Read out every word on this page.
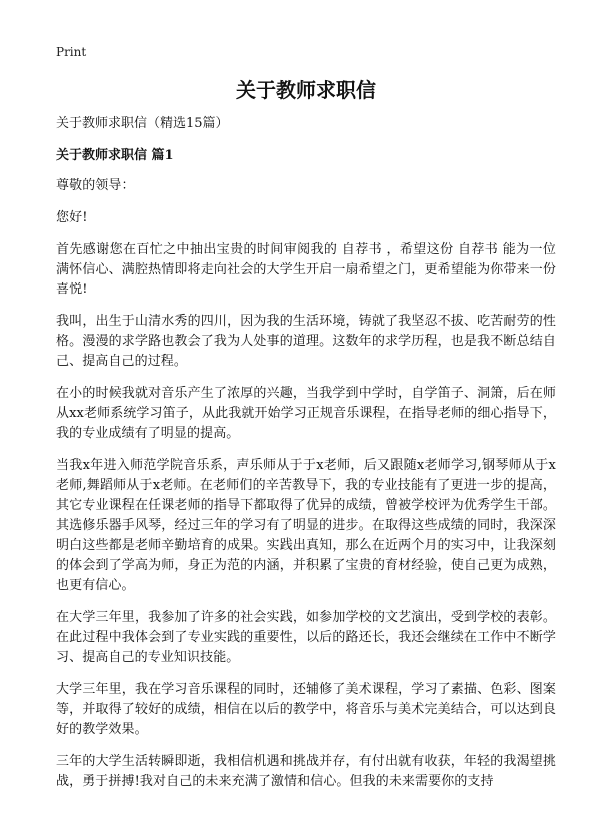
Print
关于教师求职信
关于教师求职信（精选15篇）
关于教师求职信 篇1

尊敬的领导：

您好!

首先感谢您在百忙之中抽出宝贵的时间审阅我的 自荐书 ，希望这份 自荐书 能为一位满怀信心、满腔热情即将走向社会的大学生开启一扇希望之门，更希望能为你带来一份喜悦!

我叫，出生于山清水秀的四川，因为我的生活环境，铸就了我坚忍不拔、吃苦耐劳的性格。漫漫的求学路也教会了我为人处事的道理。这数年的求学历程，也是我不断总结自己、提高自己的过程。

在小的时候我就对音乐产生了浓厚的兴趣，当我学到中学时，自学笛子、洞箫，后在师从xx老师系统学习笛子，从此我就开始学习正规音乐课程，在指导老师的细心指导下，我的专业成绩有了明显的提高。

当我x年进入师范学院音乐系，声乐师从于于x老师，后又跟随x老师学习,钢琴师从于x老师,舞蹈师从于x老师。在老师们的辛苦教导下，我的专业技能有了更进一步的提高，其它专业课程在任课老师的指导下都取得了优异的成绩，曾被学校评为优秀学生干部。其选修乐器手风琴，经过三年的学习有了明显的进步。在取得这些成绩的同时，我深深明白这些都是老师辛勤培育的成果。实践出真知，那么在近两个月的实习中，让我深刻的体会到了学高为师，身正为范的内涵，并积累了宝贵的育材经验，使自己更为成熟，也更有信心。

在大学三年里，我参加了许多的社会实践，如参加学校的文艺演出，受到学校的表彰。在此过程中我体会到了专业实践的重要性，以后的路还长，我还会继续在工作中不断学习、提高自己的专业知识技能。

大学三年里，我在学习音乐课程的同时，还辅修了美术课程，学习了素描、色彩、图案等，并取得了较好的成绩，相信在以后的教学中，将音乐与美术完美结合，可以达到良好的教学效果。

三年的大学生活转瞬即逝，我相信机遇和挑战并存，有付出就有收获，年轻的我渴望挑战，勇于拼搏!我对自己的未来充满了激情和信心。但我的未来需要你的支持
